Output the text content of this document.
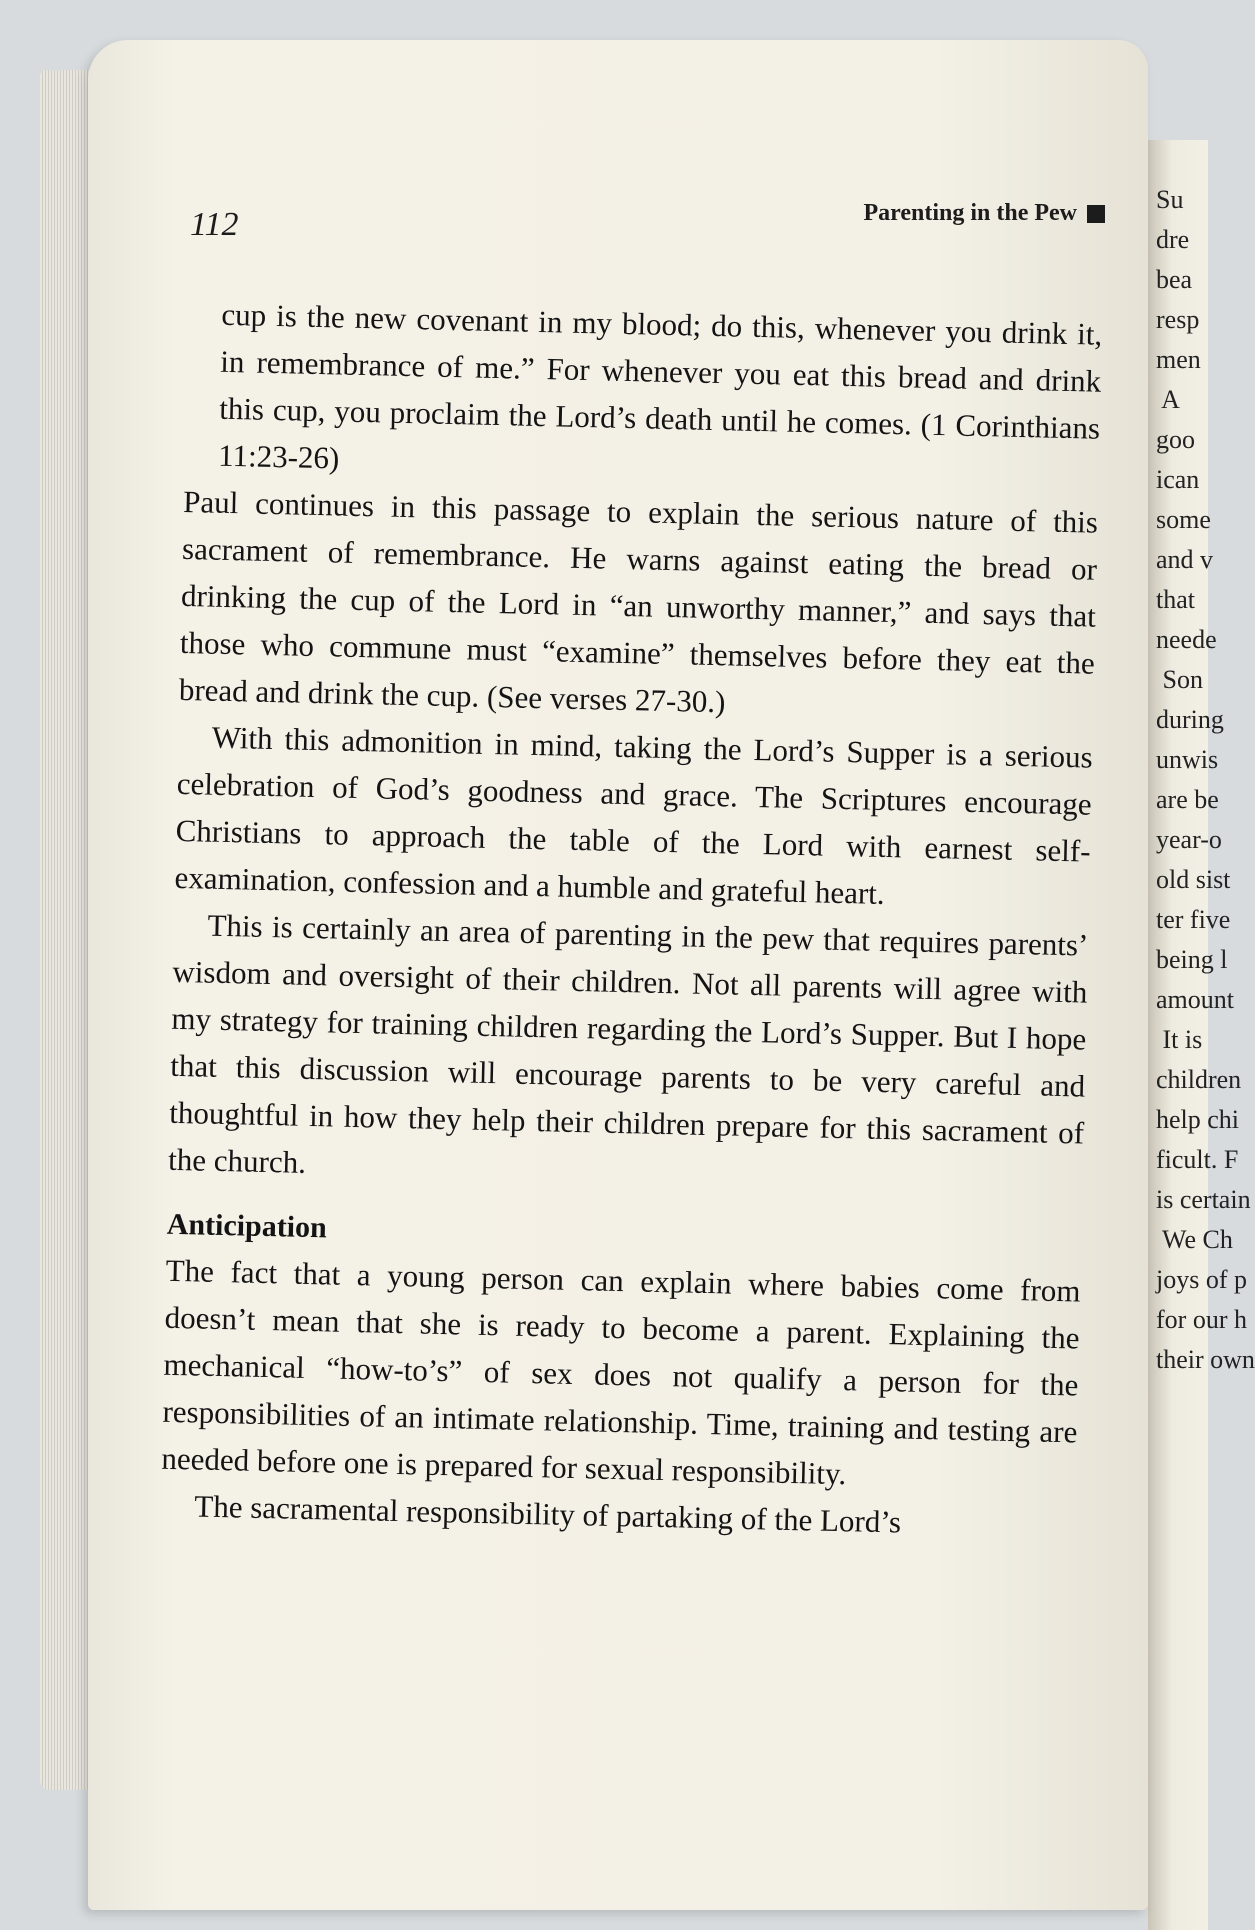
Su
dre
bea
resp
men
A
goo
ican
some
and v
that
neede
Son
during
unwis
are be
year-o
old sist
ter five
being l
amount
It is
children
help chi
ficult. F
is certain
We Ch
joys of p
for our h
their own
112	Parenting in the Pew

cup is the new covenant in my blood; do this, whenever you drink it, in remembrance of me.” For whenever you eat this bread and drink this cup, you proclaim the Lord’s death until he comes. (1 Corinthians 11:23-26)

Paul continues in this passage to explain the serious nature of this sacrament of remembrance. He warns against eating the bread or drinking the cup of the Lord in “an unworthy manner,” and says that those who commune must “examine” themselves before they eat the bread and drink the cup. (See verses 27-30.)

With this admonition in mind, taking the Lord’s Supper is a serious celebration of God’s goodness and grace. The Scriptures encourage Christians to approach the table of the Lord with earnest self-examination, confession and a humble and grateful heart.

This is certainly an area of parenting in the pew that requires parents’ wisdom and oversight of their children. Not all parents will agree with my strategy for training children regarding the Lord’s Supper. But I hope that this discussion will encourage parents to be very careful and thoughtful in how they help their children prepare for this sacrament of the church.

Anticipation

The fact that a young person can explain where babies come from doesn’t mean that she is ready to become a parent. Explaining the mechanical “how-to’s” of sex does not qualify a person for the responsibilities of an intimate relationship. Time, training and testing are needed before one is prepared for sexual responsibility.

The sacramental responsibility of partaking of the Lord’s
